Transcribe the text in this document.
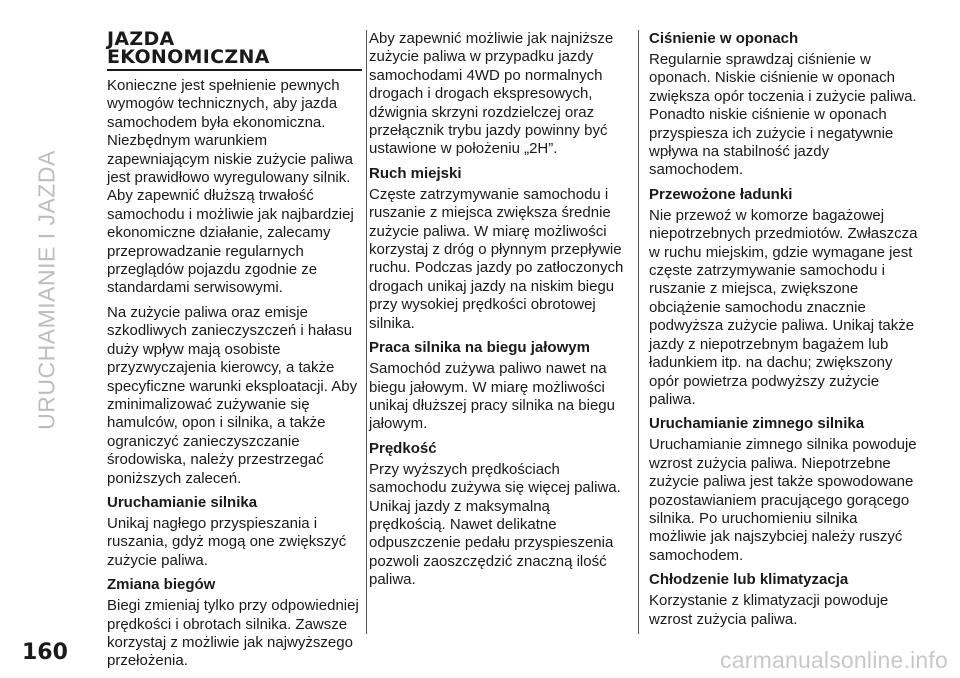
URUCHAMIANIE I JAZDA
JAZDA
EKONOMICZNA

Konieczne jest spełnienie pewnych wymogów technicznych, aby jazda samochodem była ekonomiczna. Niezbędnym warunkiem zapewniającym niskie zużycie paliwa jest prawidłowo wyregulowany silnik. Aby zapewnić dłuższą trwałość samochodu i możliwie jak najbardziej ekonomiczne działanie, zalecamy przeprowadzanie regularnych przeglądów pojazdu zgodnie ze standardami serwisowymi.

Na zużycie paliwa oraz emisje szkodliwych zanieczyszczeń i hałasu duży wpływ mają osobiste przyzwyczajenia kierowcy, a także specyficzne warunki eksploatacji. Aby zminimalizować zużywanie się hamulców, opon i silnika, a także ograniczyć zanieczyszczanie środowiska, należy przestrzegać poniższych zaleceń.

Uruchamianie silnika

Unikaj nagłego przyspieszania i ruszania, gdyż mogą one zwiększyć zużycie paliwa.

Zmiana biegów

Biegi zmieniaj tylko przy odpowiedniej prędkości i obrotach silnika. Zawsze korzystaj z możliwie jak najwyższego przełożenia.

Aby zapewnić możliwie jak najniższe zużycie paliwa w przypadku jazdy samochodami 4WD po normalnych drogach i drogach ekspresowych, dźwignia skrzyni rozdzielczej oraz przełącznik trybu jazdy powinny być ustawione w położeniu „2H”.

Ruch miejski

Częste zatrzymywanie samochodu i ruszanie z miejsca zwiększa średnie zużycie paliwa. W miarę możliwości korzystaj z dróg o płynnym przepływie ruchu. Podczas jazdy po zatłoczonych drogach unikaj jazdy na niskim biegu przy wysokiej prędkości obrotowej silnika.

Praca silnika na biegu jałowym

Samochód zużywa paliwo nawet na biegu jałowym. W miarę możliwości unikaj dłuższej pracy silnika na biegu jałowym.

Prędkość

Przy wyższych prędkościach samochodu zużywa się więcej paliwa. Unikaj jazdy z maksymalną prędkością. Nawet delikatne odpuszczenie pedału przyspieszenia pozwoli zaoszczędzić znaczną ilość paliwa.

Ciśnienie w oponach

Regularnie sprawdzaj ciśnienie w oponach. Niskie ciśnienie w oponach zwiększa opór toczenia i zużycie paliwa. Ponadto niskie ciśnienie w oponach przyspiesza ich zużycie i negatywnie wpływa na stabilność jazdy samochodem.

Przewożone ładunki

Nie przewoź w komorze bagażowej niepotrzebnych przedmiotów. Zwłaszcza w ruchu miejskim, gdzie wymagane jest częste zatrzymywanie samochodu i ruszanie z miejsca, zwiększone obciążenie samochodu znacznie podwyższa zużycie paliwa. Unikaj także jazdy z niepotrzebnym bagażem lub ładunkiem itp. na dachu; zwiększony opór powietrza podwyższy zużycie paliwa.

Uruchamianie zimnego silnika

Uruchamianie zimnego silnika powoduje wzrost zużycia paliwa. Niepotrzebne zużycie paliwa jest także spowodowane pozostawianiem pracującego gorącego silnika. Po uruchomieniu silnika możliwie jak najszybciej należy ruszyć samochodem.

Chłodzenie lub klimatyzacja

Korzystanie z klimatyzacji powoduje wzrost zużycia paliwa.

160	carmanualsonline.info
